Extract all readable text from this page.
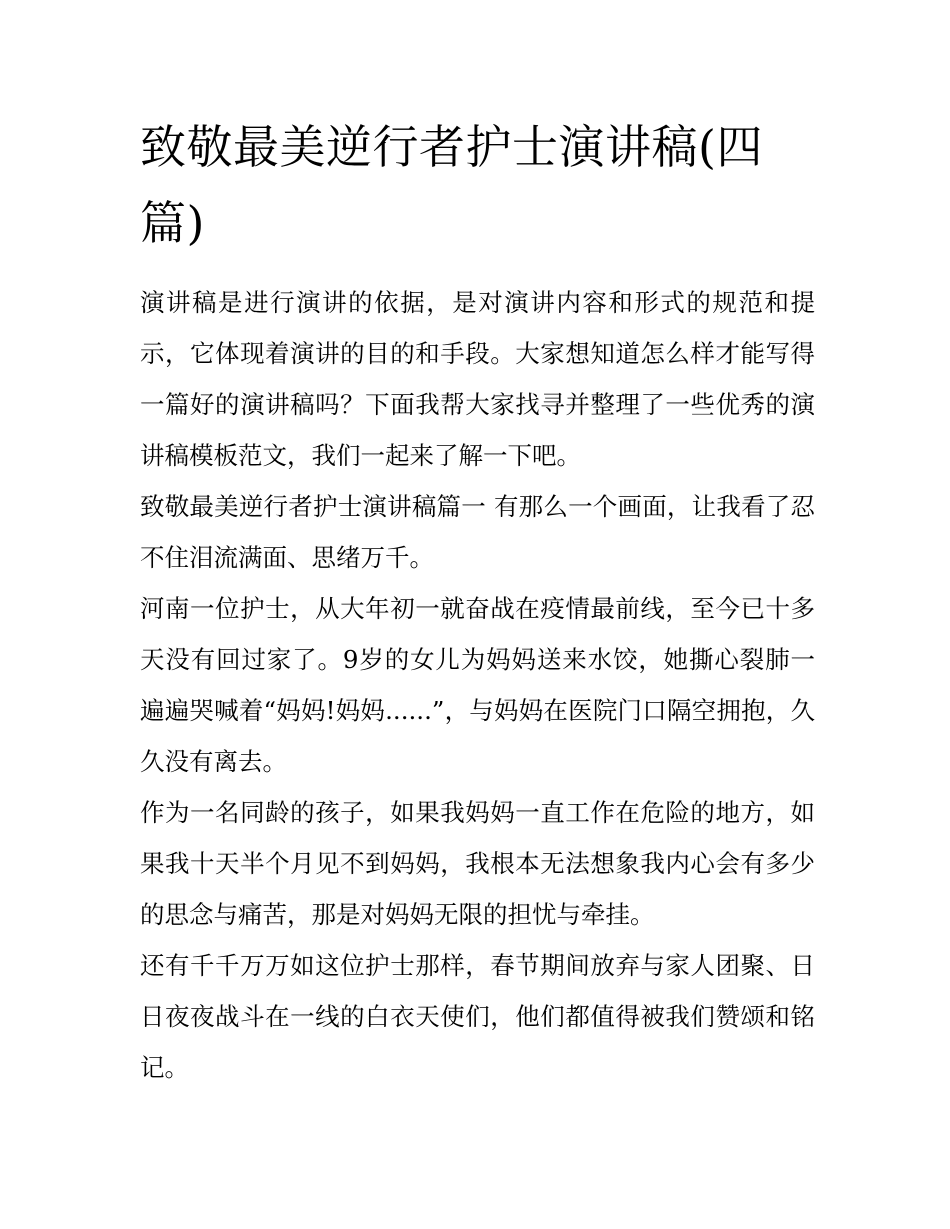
致敬最美逆行者护士演讲稿(四篇)

演讲稿是进行演讲的依据，是对演讲内容和形式的规范和提示，它体现着演讲的目的和手段。大家想知道怎么样才能写得一篇好的演讲稿吗？下面我帮大家找寻并整理了一些优秀的演讲稿模板范文，我们一起来了解一下吧。

致敬最美逆行者护士演讲稿篇一 有那么一个画面，让我看了忍不住泪流满面、思绪万千。

河南一位护士，从大年初一就奋战在疫情最前线，至今已十多天没有回过家了。9岁的女儿为妈妈送来水饺，她撕心裂肺一遍遍哭喊着“妈妈!妈妈......”，与妈妈在医院门口隔空拥抱，久久没有离去。

作为一名同龄的孩子，如果我妈妈一直工作在危险的地方，如果我十天半个月见不到妈妈，我根本无法想象我内心会有多少的思念与痛苦，那是对妈妈无限的担忧与牵挂。

还有千千万万如这位护士那样，春节期间放弃与家人团聚、日日夜夜战斗在一线的白衣天使们，他们都值得被我们赞颂和铭记。
